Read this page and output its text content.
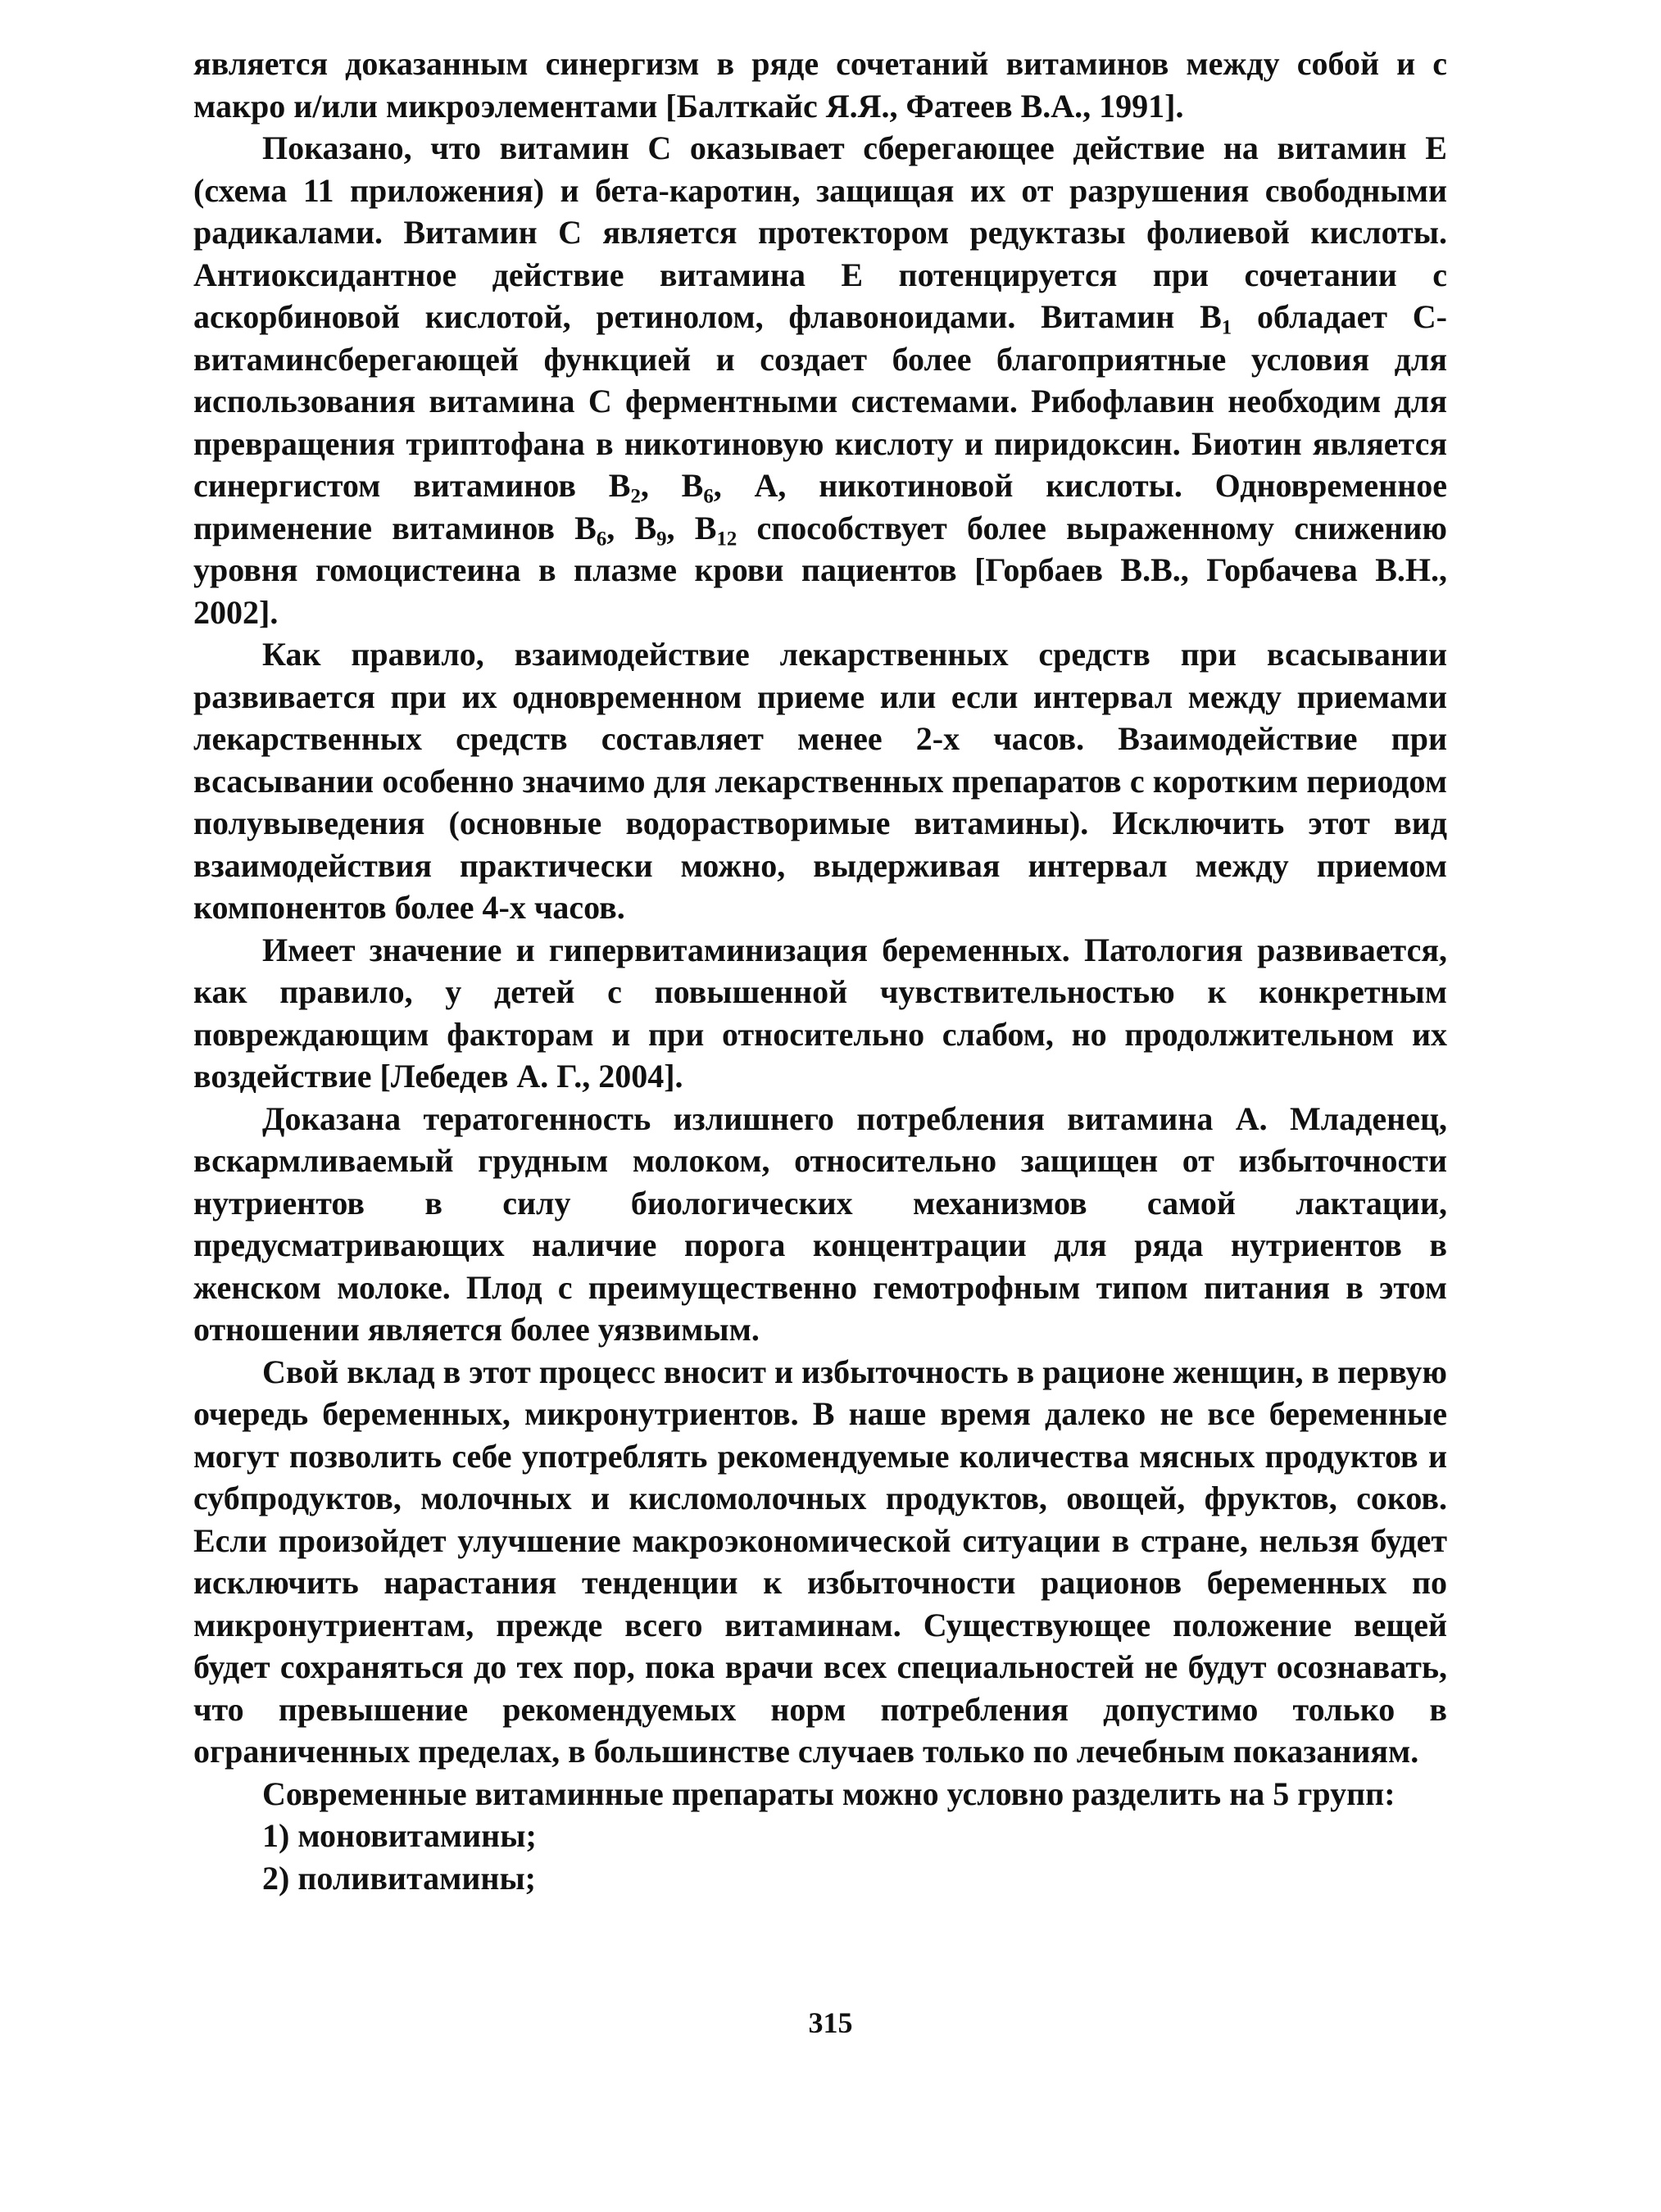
является доказанным синергизм в ряде сочетаний витаминов между собой и с макро и/или микроэлементами [Балткайс Я.Я., Фатеев В.А., 1991].

Показано, что витамин С оказывает сберегающее действие на витамин Е (схема 11 приложения) и бета-каротин, защищая их от разрушения свободными радикалами. Витамин С является протектором редуктазы фолиевой кислоты. Антиоксидантное действие витамина Е потенцируется при сочетании с аскорбиновой кислотой, ретинолом, флавоноидами. Витамин $В_1$ обладает С-витаминсберегающей функцией и создает более благоприятные условия для использования витамина С ферментными системами. Рибофлавин необходим для превращения триптофана в никотиновую кислоту и пиридоксин. Биотин является синергистом витаминов $В_2$, $В_6$, А, никотиновой кислоты. Одновременное применение витаминов $В_6$, $В_9$, $В_{12}$ способствует более выраженному снижению уровня гомоцистеина в плазме крови пациентов [Горбаев В.В., Горбачева В.Н., 2002].

Как правило, взаимодействие лекарственных средств при всасывании развивается при их одновременном приеме или если интервал между приемами лекарственных средств составляет менее 2-х часов. Взаимодействие при всасывании особенно значимо для лекарственных препаратов с коротким периодом полувыведения (основные водорастворимые витамины). Исключить этот вид взаимодействия практически можно, выдерживая интервал между приемом компонентов более 4-х часов.

Имеет значение и гипервитаминизация беременных. Патология развивается, как правило, у детей с повышенной чувствительностью к конкретным повреждающим факторам и при относительно слабом, но продолжительном их воздействие [Лебедев А. Г., 2004].

Доказана тератогенность излишнего потребления витамина А. Младенец, вскармливаемый грудным молоком, относительно защищен от избыточности нутриентов в силу биологических механизмов самой лактации, предусматривающих наличие порога концентрации для ряда нутриентов в женском молоке. Плод с преимущественно гемотрофным типом питания в этом отношении является более уязвимым.

Свой вклад в этот процесс вносит и избыточность в рационе женщин, в первую очередь беременных, микронутриентов. В наше время далеко не все беременные могут позволить себе употреблять рекомендуемые количества мясных продуктов и субпродуктов, молочных и кисломолочных продуктов, овощей, фруктов, соков. Если произойдет улучшение макроэкономической ситуации в стране, нельзя будет исключить нарастания тенденции к избыточности рационов беременных по микронутриентам, прежде всего витаминам. Существующее положение вещей будет сохраняться до тех пор, пока врачи всех специальностей не будут осознавать, что превышение рекомендуемых норм потребления допустимо только в ограниченных пределах, в большинстве случаев только по лечебным показаниям.

Современные витаминные препараты можно условно разделить на 5 групп:

1) моновитамины;
2) поливитамины;
315
